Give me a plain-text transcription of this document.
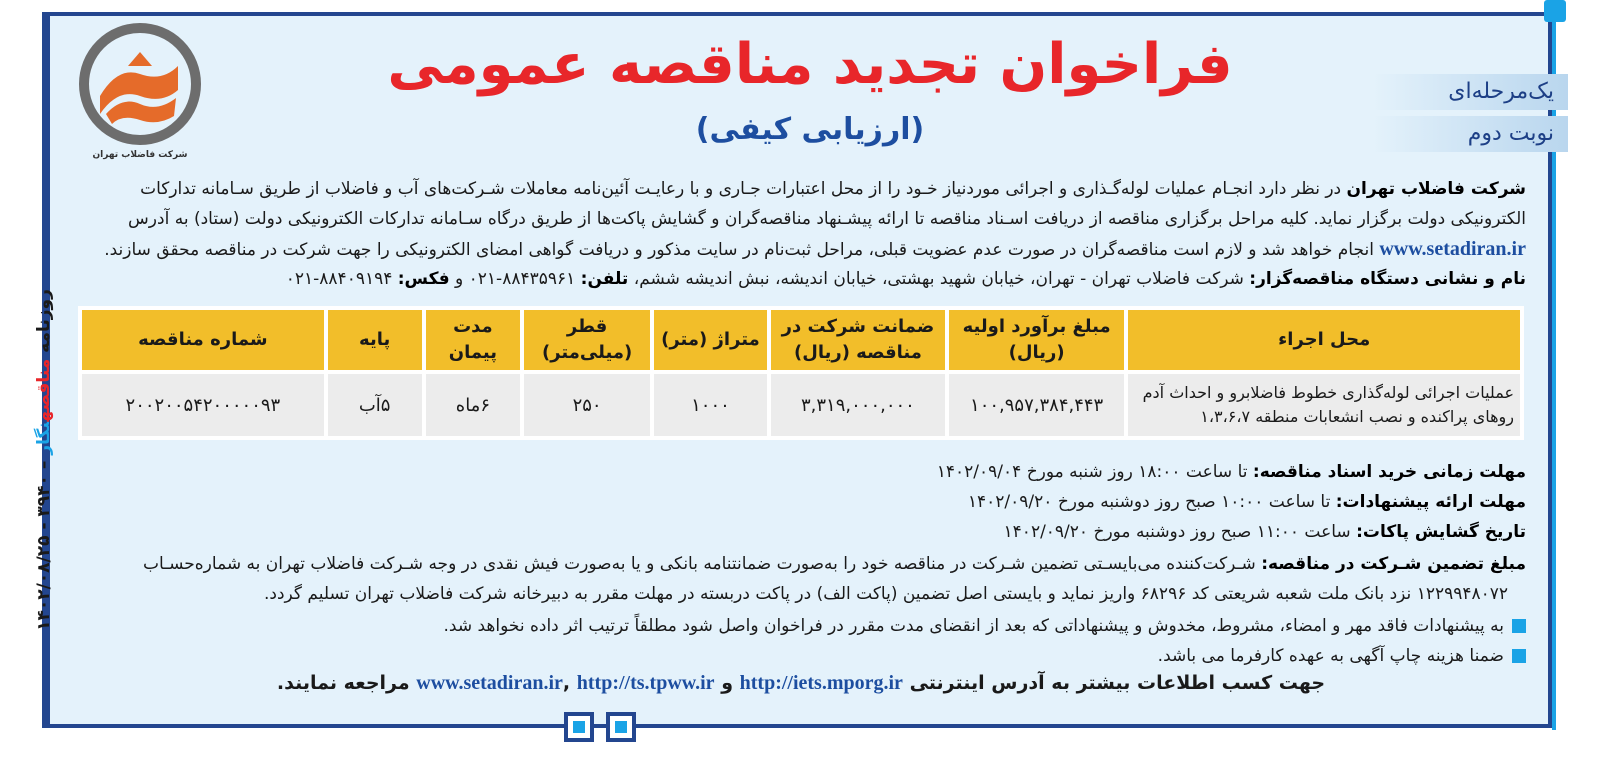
شرکت فاضلاب تهران
فراخوان تجدید مناقصه عمومی
(ارزیابی کیفی)
یک‌مرحله‌ای
نوبت دوم
روزنامه مناقصهنگار – ۳۹۴۰ - ۱۴۰۲/۰۸/۲۵
شرکت فاضلاب تهران در نظر دارد انجـام عملیات لوله‌گـذاری و اجرائی موردنیاز خـود را از محل اعتبارات جـاری و با رعایـت آئین‌نامه معاملات شـرکت‌های آب و فاضلاب از طریق سـامانه تدارکات
الکترونیکی دولت برگزار نماید. کلیه مراحل برگزاری مناقصه از دریافت اسـناد مناقصه تا ارائه پیشـنهاد مناقصه‌گران و گشایش پاکت‌ها از طریق درگاه سـامانه تدارکات الکترونیکی دولت (ستاد) به آدرس
www.setadiran.ir انجام خواهد شد و لازم است مناقصه‌گران در صورت عدم عضویت قبلی، مراحل ثبت‌نام در سایت مذکور و دریافت گواهی امضای الکترونیکی را جهت شرکت در مناقصه محقق سازند.
نام و نشانی دستگاه مناقصه‌گزار: شرکت فاضلاب تهران - تهران، خیابان شهید بهشتی، خیابان اندیشه، نبش اندیشه ششم، تلفن: ۸۸۴۳۵۹۶۱-۰۲۱ و فکس: ۸۸۴۰۹۱۹۴-۰۲۱
محل اجراء	مبلغ برآورد اولیه (ریال)	ضمانت شرکت در مناقصه (ریال)	متراژ (متر)	قطر (میلی‌متر)	مدت پیمان	پایه	شماره مناقصه
عملیات اجرائی لوله‌گذاری خطوط فاضلابرو و احداث آدم روهای پراکنده و نصب انشعابات منطقه ۱،۳،۶،۷	۱۰۰,۹۵۷,۳۸۴,۴۴۳	۳,۳۱۹,۰۰۰,۰۰۰	۱۰۰۰	۲۵۰	۶ماه	۵آب	۲۰۰۲۰۰۵۴۲۰۰۰۰۰۹۳
مهلت زمانی خرید اسناد مناقصه: تا ساعت ۱۸:۰۰ روز شنبه مورخ ۱۴۰۲/۰۹/۰۴
مهلت ارائه پیشنهادات: تا ساعت ۱۰:۰۰ صبح روز دوشنبه مورخ ۱۴۰۲/۰۹/۲۰
تاریخ گشایش پاکات: ساعت ۱۱:۰۰ صبح روز دوشنبه مورخ ۱۴۰۲/۰۹/۲۰
مبلغ تضمین شـرکت در مناقصه: شـرکت‌کننده می‌بایسـتی تضمین شـرکت در مناقصه خود را به‌صورت ضمانتنامه بانکی و یا به‌صورت فیش نقدی در وجه شـرکت فاضلاب تهران به شماره‌حسـاب
۱۲۲۹۹۴۸۰۷۲ نزد بانک ملت شعبه شریعتی کد ۶۸۲۹۶ واریز نماید و بایستی اصل تضمین (پاکت الف) در پاکت دربسته در مهلت مقرر به دبیرخانه شرکت فاضلاب تهران تسلیم گردد.
به پیشنهادات فاقد مهر و امضاء، مشروط، مخدوش و پیشنهاداتی که بعد از انقضای مدت مقرر در فراخوان واصل شود مطلقاً ترتیب اثر داده نخواهد شد.
ضمنا هزینه چاپ آگهی به عهده کارفرما می باشد.
جهت کسب اطلاعات بیشتر به آدرس اینترنتی http://iets.mporg.ir و www.setadiran.ir, http://ts.tpww.ir مراجعه نمایند.
